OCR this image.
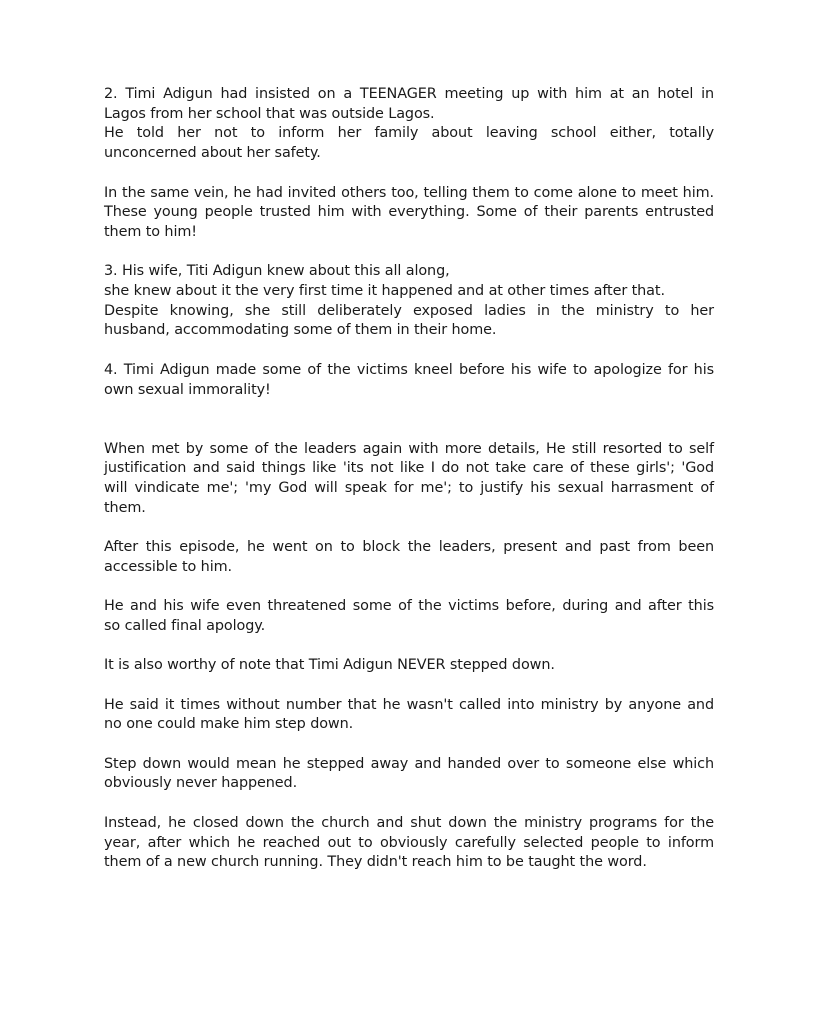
2. Timi Adigun had insisted on a TEENAGER meeting up with him at an hotel in
Lagos from her school that was outside Lagos.
He told her not to inform her family about leaving school either, totally
unconcerned about her safety.
In the same vein, he had invited others too, telling them to come alone to meet him.
These young people trusted him with everything. Some of their parents entrusted
them to him!
3. His wife, Titi Adigun knew about this all along,
she knew about it the very first time it happened and at other times after that.
Despite knowing, she still deliberately exposed ladies in the ministry to her
husband, accommodating some of them in their home.
4. Timi Adigun made some of the victims kneel before his wife to apologize for his
own sexual immorality!
When met by some of the leaders again with more details, He still resorted to self
justification and said things like 'its not like I do not take care of these girls'; 'God
will vindicate me'; 'my God will speak for me'; to justify his sexual harrasment of
them.
After this episode, he went on to block the leaders, present and past from been
accessible to him.
He and his wife even threatened some of the victims before, during and after this
so called final apology.
It is also worthy of note that Timi Adigun NEVER stepped down.
He said it times without number that he wasn't called into ministry by anyone and
no one could make him step down.
Step down would mean he stepped away and handed over to someone else which
obviously never happened.
Instead, he closed down the church and shut down the ministry programs for the
year, after which he reached out to obviously carefully selected people to inform
them of a new church running. They didn't reach him to be taught the word.
